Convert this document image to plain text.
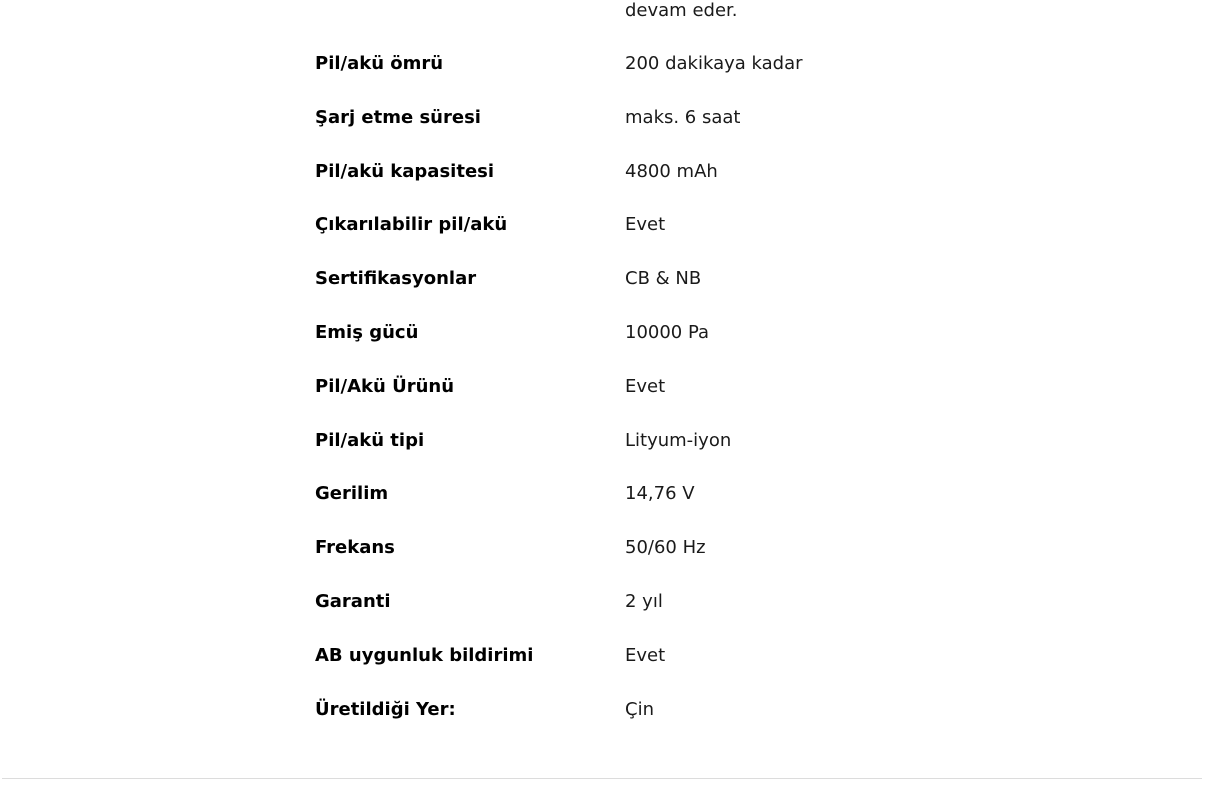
devam eder.
Pil/akü ömrü	200 dakikaya kadar
Şarj etme süresi	maks. 6 saat
Pil/akü kapasitesi	4800 mAh
Çıkarılabilir pil/akü	Evet
Sertifikasyonlar	CB & NB
Emiş gücü	10000 Pa
Pil/Akü Ürünü	Evet
Pil/akü tipi	Lityum-iyon
Gerilim	14,76 V
Frekans	50/60 Hz
Garanti	2 yıl
AB uygunluk bildirimi	Evet
Üretildiği Yer:	Çin
